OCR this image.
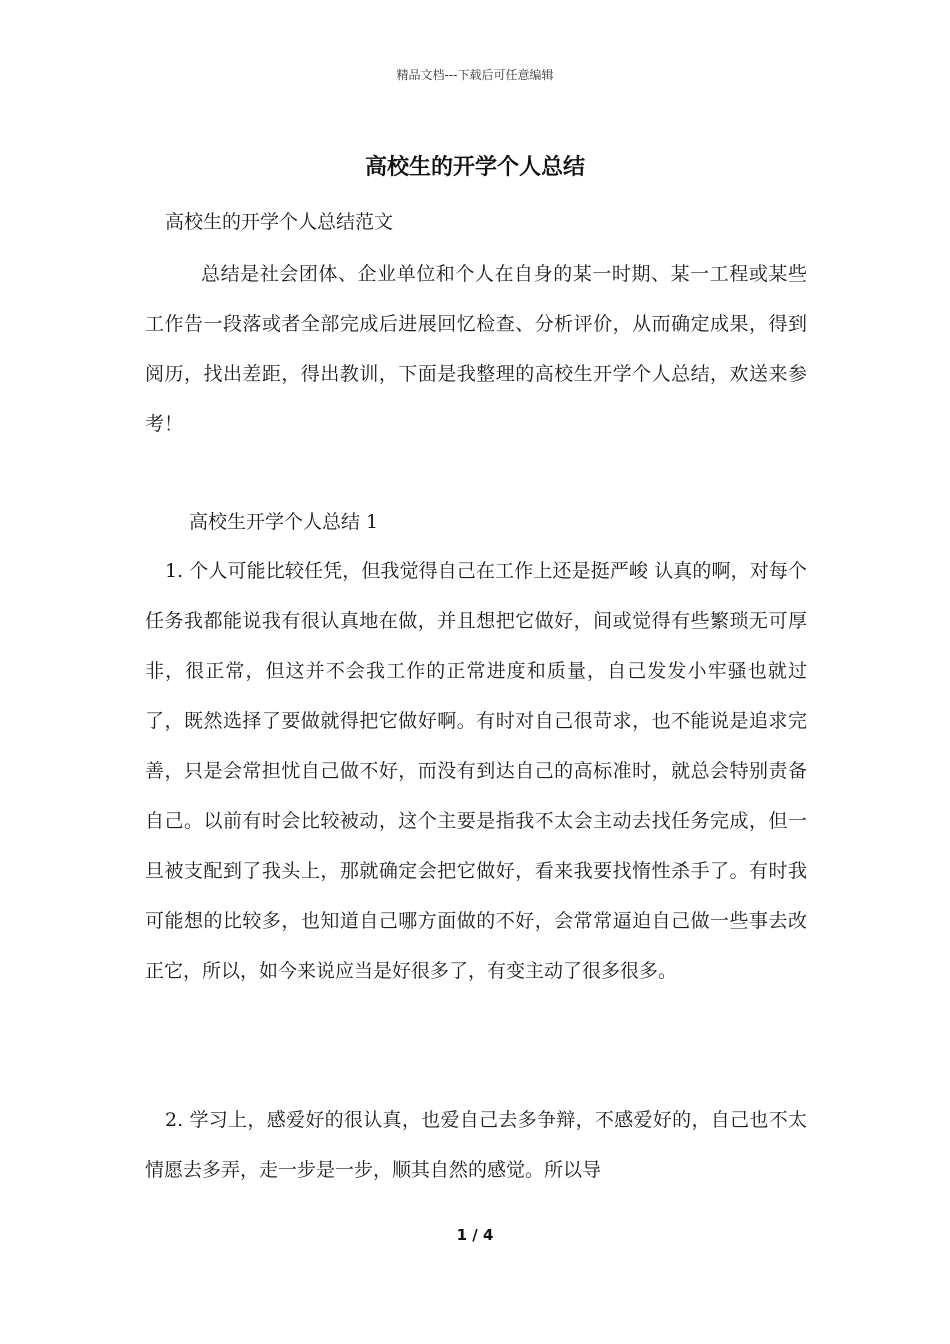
精品文档---下载后可任意编辑
高校生的开学个人总结

高校生的开学个人总结范文

总结是社会团体、企业单位和个人在自身的某一时期、某一工程或某些工作告一段落或者全部完成后进展回忆检查、分析评价，从而确定成果，得到阅历，找出差距，得出教训，下面是我整理的高校生开学个人总结，欢送来参考！

高校生开学个人总结 1

1. 个人可能比较任凭，但我觉得自己在工作上还是挺严峻 认真的啊，对每个任务我都能说我有很认真地在做，并且想把它做好，间或觉得有些繁琐无可厚非，很正常，但这并不会我工作的正常进度和质量，自己发发小牢骚也就过了，既然选择了要做就得把它做好啊。有时对自己很苛求，也不能说是追求完善，只是会常担忧自己做不好，而没有到达自己的高标准时，就总会特别责备自己。以前有时会比较被动，这个主要是指我不太会主动去找任务完成，但一旦被支配到了我头上，那就确定会把它做好，看来我要找惰性杀手了。有时我可能想的比较多，也知道自己哪方面做的不好，会常常逼迫自己做一些事去改正它，所以，如今来说应当是好很多了，有变主动了很多很多。

2. 学习上，感爱好的很认真，也爱自己去多争辩，不感爱好的，自己也不太情愿去多弄，走一步是一步，顺其自然的感觉。所以导

1 / 4
